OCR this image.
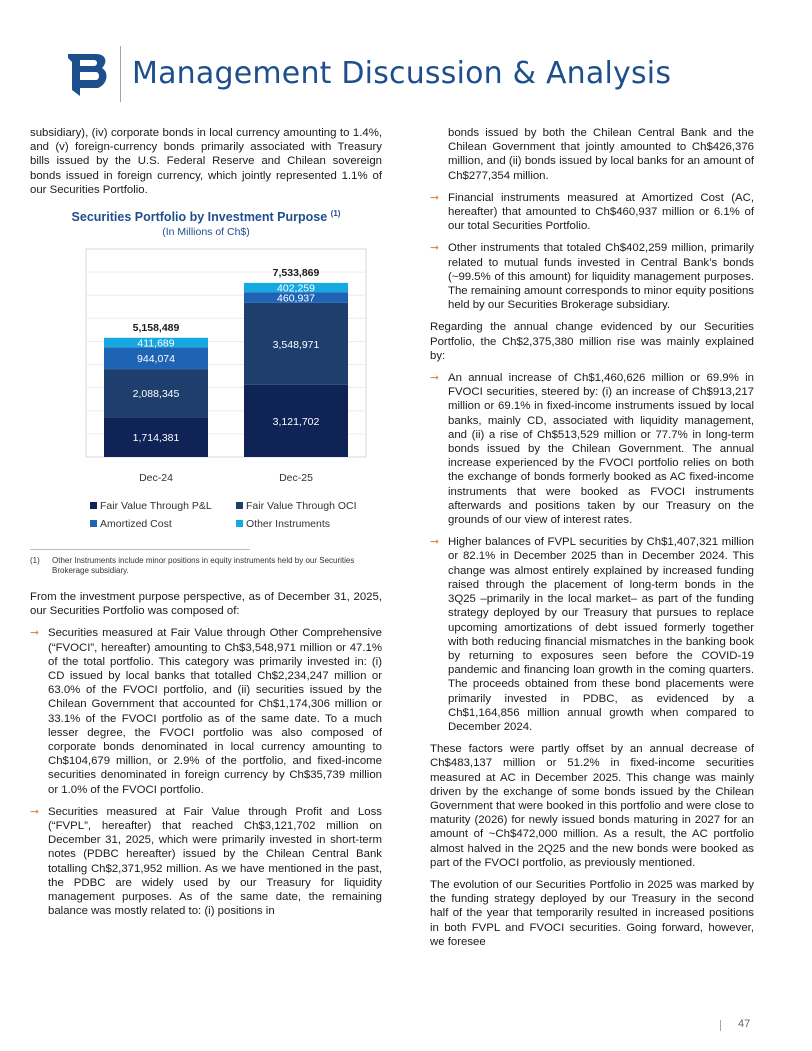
Management Discussion & Analysis

subsidiary), (iv) corporate bonds in local currency amounting to 1.4%, and (v) foreign-currency bonds primarily associated with Treasury bills issued by the U.S. Federal Reserve and Chilean sovereign bonds issued in foreign currency, which jointly represented 1.1% of our Securities Portfolio.

Securities Portfolio by Investment Purpose $^{(1)}$
(In Millions of Ch$)
1,714,381
2,088,345
944,074
411,689
5,158,489
Dec-24
3,121,702
3,548,971
460,937
402,259
7,533,869
Dec-25
Fair Value Through P&L	Fair Value Through OCI
Amortized Cost	Other Instruments
(1) Other Instruments include minor positions in equity instruments held by our Securities Brokerage subsidiary.

From the investment purpose perspective, as of December 31, 2025, our Securities Portfolio was composed of:

➞ Securities measured at Fair Value through Other Comprehensive (“FVOCI”, hereafter) amounting to Ch$3,548,971 million or 47.1% of the total portfolio. This category was primarily invested in: (i) CD issued by local banks that totalled Ch$2,234,247 million or 63.0% of the FVOCI portfolio, and (ii) securities issued by the Chilean Government that accounted for Ch$1,174,306 million or 33.1% of the FVOCI portfolio as of the same date. To a much lesser degree, the FVOCI portfolio was also composed of corporate bonds denominated in local currency amounting to Ch$104,679 million, or 2.9% of the portfolio, and fixed-income securities denominated in foreign currency by Ch$35,739 million or 1.0% of the FVOCI portfolio.
➞ Securities measured at Fair Value through Profit and Loss (“FVPL”, hereafter) that reached Ch$3,121,702 million on December 31, 2025, which were primarily invested in short-term notes (PDBC hereafter) issued by the Chilean Central Bank totalling Ch$2,371,952 million. As we have mentioned in the past, the PDBC are widely used by our Treasury for liquidity management purposes. As of the same date, the remaining balance was mostly related to: (i) positions in
bonds issued by both the Chilean Central Bank and the Chilean Government that jointly amounted to Ch$426,376 million, and (ii) bonds issued by local banks for an amount of Ch$277,354 million.
➞ Financial instruments measured at Amortized Cost (AC, hereafter) that amounted to Ch$460,937 million or 6.1% of our total Securities Portfolio.
➞ Other instruments that totaled Ch$402,259 million, primarily related to mutual funds invested in Central Bank’s bonds (~99.5% of this amount) for liquidity management purposes. The remaining amount corresponds to minor equity positions held by our Securities Brokerage subsidiary.

Regarding the annual change evidenced by our Securities Portfolio, the Ch$2,375,380 million rise was mainly explained by:

➞ An annual increase of Ch$1,460,626 million or 69.9% in FVOCI securities, steered by: (i) an increase of Ch$913,217 million or 69.1% in fixed-income instruments issued by local banks, mainly CD, associated with liquidity management, and (ii) a rise of Ch$513,529 million or 77.7% in long-term bonds issued by the Chilean Government. The annual increase experienced by the FVOCI portfolio relies on both the exchange of bonds formerly booked as AC fixed-income instruments that were booked as FVOCI instruments afterwards and positions taken by our Treasury on the grounds of our view of interest rates.
➞ Higher balances of FVPL securities by Ch$1,407,321 million or 82.1% in December 2025 than in December 2024. This change was almost entirely explained by increased funding raised through the placement of long-term bonds in the 3Q25 –primarily in the local market– as part of the funding strategy deployed by our Treasury that pursues to replace upcoming amortizations of debt issued formerly together with both reducing financial mismatches in the banking book by returning to exposures seen before the COVID-19 pandemic and financing loan growth in the coming quarters. The proceeds obtained from these bond placements were primarily invested in PDBC, as evidenced by a Ch$1,164,856 million annual growth when compared to December 2024.

These factors were partly offset by an annual decrease of Ch$483,137 million or 51.2% in fixed-income securities measured at AC in December 2025. This change was mainly driven by the exchange of some bonds issued by the Chilean Government that were booked in this portfolio and were close to maturity (2026) for newly issued bonds maturing in 2027 for an amount of ~Ch$472,000 million. As a result, the AC portfolio almost halved in the 2Q25 and the new bonds were booked as part of the FVOCI portfolio, as previously mentioned.

The evolution of our Securities Portfolio in 2025 was marked by the funding strategy deployed by our Treasury in the second half of the year that temporarily resulted in increased positions in both FVPL and FVOCI securities. Going forward, however, we foresee

47
